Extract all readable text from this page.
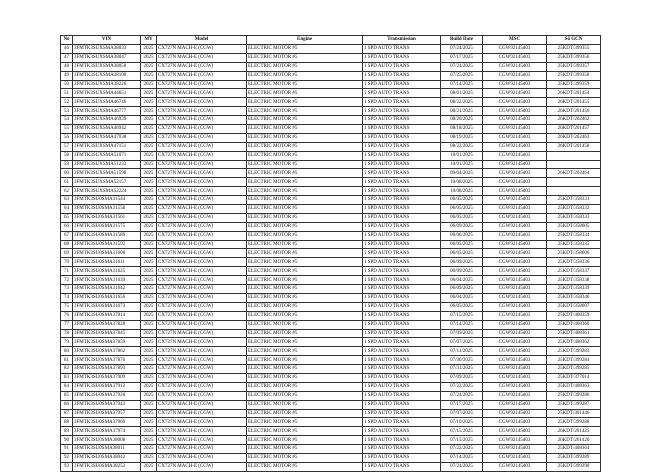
No	VIN	MY	Model	Engine	Transmission	Build Date	MSC	Số GCN
46	3FMTK3SUXSMA38033	2025	CX727N MACH-E (CGW)	ELECTRIC MOTOR #5	1 SPD AUTO TRANS	07/24/2025	CGW92145d03	25KDT/399355
47	3FMTK3SUXSMA38047	2025	CX727N MACH-E (CGW)	ELECTRIC MOTOR #5	1 SPD AUTO TRANS	07/17/2025	CGW92145d03	25KDT/399356
48	3FMTK3SUXSMA38050	2025	CX727N MACH-E (CGW)	ELECTRIC MOTOR #5	1 SPD AUTO TRANS	07/24/2025	CGW92145d03	25KDT/399357
49	3FMTK3SUXSMA38100	2025	CX727N MACH-E (CGW)	ELECTRIC MOTOR #5	1 SPD AUTO TRANS	07/25/2025	CGW92145d03	25KDT/399358
50	3FMTK3SUXSMA38226	2025	CX727N MACH-E (CGW)	ELECTRIC MOTOR #5	1 SPD AUTO TRANS	07/14/2025	CGW92145d03	25KDT/399359
51	3FMTK3SUXSMA44651	2025	CX727N MACH-E (CGW)	ELECTRIC MOTOR #5	1 SPD AUTO TRANS	08/01/2025	CGW92145d03	26KDT/201454
52	3FMTK3SUXSMA46746	2025	CX727N MACH-E (CGW)	ELECTRIC MOTOR #5	1 SPD AUTO TRANS	08/22/2025	CGW92145d03	26KDT/201455
53	3FMTK3SUXSMA46777	2025	CX727N MACH-E (CGW)	ELECTRIC MOTOR #5	1 SPD AUTO TRANS	08/21/2025	CGW92145d03	26KDT/201456
54	3FMTK3SUXSMA46939	2025	CX727N MACH-E (CGW)	ELECTRIC MOTOR #5	1 SPD AUTO TRANS	08/20/2025	CGW92145d03	26KDT/202462
55	3FMTK3SUXSMA46942	2025	CX727N MACH-E (CGW)	ELECTRIC MOTOR #5	1 SPD AUTO TRANS	08/18/2025	CGW92145d03	26KDT/201457
56	3FMTK3SUXSMA47038	2025	CX727N MACH-E (CGW)	ELECTRIC MOTOR #5	1 SPD AUTO TRANS	08/19/2025	CGW92145d03	26KDT/202463
57	3FMTK3SUXSMA47151	2025	CX727N MACH-E (CGW)	ELECTRIC MOTOR #5	1 SPD AUTO TRANS	08/22/2025	CGW92145d03	26KDT/201458
58	3FMTK3SUXSMA51071	2025	CX727N MACH-E (CGW)	ELECTRIC MOTOR #5	1 SPD AUTO TRANS	10/01/2025	CGW92145d03	
59	3FMTK3SUXSMA51233	2025	CX727N MACH-E (CGW)	ELECTRIC MOTOR #5	1 SPD AUTO TRANS	10/01/2025	CGW92145d03	
60	3FMTK3SUXSMA51598	2025	CX727N MACH-E (CGW)	ELECTRIC MOTOR #5	1 SPD AUTO TRANS	09/04/2025	CGW92145d03	26KDT/202464
61	3FMTK3SUXSMA52157	2025	CX727N MACH-E (CGW)	ELECTRIC MOTOR #5	1 SPD AUTO TRANS	10/08/2025	CGW92145d03	
62	3FMTK3SUXSMA52224	2025	CX727N MACH-E (CGW)	ELECTRIC MOTOR #5	1 SPD AUTO TRANS	10/08/2025	CGW92145d03	
63	3FMTK3SU0SMA31544	2025	CX727N MACH-E (CGW)	ELECTRIC MOTOR #5	1 SPD AUTO TRANS	06/05/2025	CGW92145d03	25KDT/358331
64	3FMTK3SU0SMA31558	2025	CX727N MACH-E (CGW)	ELECTRIC MOTOR #5	1 SPD AUTO TRANS	06/05/2025	CGW92145d03	25KDT/358332
65	3FMTK3SU0SMA31561	2025	CX727N MACH-E (CGW)	ELECTRIC MOTOR #5	1 SPD AUTO TRANS	06/05/2025	CGW92145d03	25KDT/358333
66	3FMTK3SU0SMA31575	2025	CX727N MACH-E (CGW)	ELECTRIC MOTOR #5	1 SPD AUTO TRANS	06/09/2025	CGW92145d03	25KDT/358605
67	3FMTK3SU0SMA31589	2025	CX727N MACH-E (CGW)	ELECTRIC MOTOR #5	1 SPD AUTO TRANS	06/06/2025	CGW92145d03	25KDT/358334
68	3FMTK3SU0SMA31592	2025	CX727N MACH-E (CGW)	ELECTRIC MOTOR #5	1 SPD AUTO TRANS	06/05/2025	CGW92145d03	25KDT/358335
69	3FMTK3SU0SMA31608	2025	CX727N MACH-E (CGW)	ELECTRIC MOTOR #5	1 SPD AUTO TRANS	06/05/2025	CGW92145d03	25KDT/358606
70	3FMTK3SU0SMA31611	2025	CX727N MACH-E (CGW)	ELECTRIC MOTOR #5	1 SPD AUTO TRANS	06/09/2025	CGW92145d03	25KDT/358336
71	3FMTK3SU0SMA31625	2025	CX727N MACH-E (CGW)	ELECTRIC MOTOR #5	1 SPD AUTO TRANS	06/09/2025	CGW92145d03	25KDT/358337
72	3FMTK3SU0SMA31639	2025	CX727N MACH-E (CGW)	ELECTRIC MOTOR #5	1 SPD AUTO TRANS	06/04/2025	CGW92145d03	25KDT/358338
73	3FMTK3SU0SMA31642	2025	CX727N MACH-E (CGW)	ELECTRIC MOTOR #5	1 SPD AUTO TRANS	06/09/2025	CGW92145d03	25KDT/358339
74	3FMTK3SU0SMA31656	2025	CX727N MACH-E (CGW)	ELECTRIC MOTOR #5	1 SPD AUTO TRANS	06/04/2025	CGW92145d03	25KDT/358340
75	3FMTK3SU0SMA31673	2025	CX727N MACH-E (CGW)	ELECTRIC MOTOR #5	1 SPD AUTO TRANS	06/05/2025	CGW92145d03	25KDT/358607
76	3FMTK3SU0SMA37814	2025	CX727N MACH-E (CGW)	ELECTRIC MOTOR #5	1 SPD AUTO TRANS	07/15/2025	CGW92145d03	25KDT/408359
77	3FMTK3SU0SMA37828	2025	CX727N MACH-E (CGW)	ELECTRIC MOTOR #5	1 SPD AUTO TRANS	07/14/2025	CGW92145d03	25KDT/408360
78	3FMTK3SU0SMA37845	2025	CX727N MACH-E (CGW)	ELECTRIC MOTOR #5	1 SPD AUTO TRANS	07/09/2025	CGW92145d03	25KDT/408361
79	3FMTK3SU0SMA37859	2025	CX727N MACH-E (CGW)	ELECTRIC MOTOR #5	1 SPD AUTO TRANS	07/07/2025	CGW92145d03	25KDT/408362
80	3FMTK3SU0SMA37862	2025	CX727N MACH-E (CGW)	ELECTRIC MOTOR #5	1 SPD AUTO TRANS	07/11/2025	CGW92145d03	25KDT/399283
81	3FMTK3SU0SMA37876	2025	CX727N MACH-E (CGW)	ELECTRIC MOTOR #5	1 SPD AUTO TRANS	07/30/2025	CGW92145d03	25KDT/399284
82	3FMTK3SU0SMA37893	2025	CX727N MACH-E (CGW)	ELECTRIC MOTOR #5	1 SPD AUTO TRANS	07/31/2025	CGW92145d03	25KDT/399285
83	3FMTK3SU0SMA37909	2025	CX727N MACH-E (CGW)	ELECTRIC MOTOR #5	1 SPD AUTO TRANS	07/09/2025	CGW92145d03	25KDT/377014
84	3FMTK3SU0SMA37912	2025	CX727N MACH-E (CGW)	ELECTRIC MOTOR #5	1 SPD AUTO TRANS	07/22/2025	CGW92145d03	25KDT/408363
85	3FMTK3SU0SMA37926	2025	CX727N MACH-E (CGW)	ELECTRIC MOTOR #5	1 SPD AUTO TRANS	07/24/2025	CGW92145d03	25KDT/399286
86	3FMTK3SU0SMA37943	2025	CX727N MACH-E (CGW)	ELECTRIC MOTOR #5	1 SPD AUTO TRANS	07/17/2025	CGW92145d03	25KDT/399287
87	3FMTK3SU0SMA37957	2025	CX727N MACH-E (CGW)	ELECTRIC MOTOR #5	1 SPD AUTO TRANS	07/07/2025	CGW92145d03	25KDT/301446
88	3FMTK3SU0SMA37960	2025	CX727N MACH-E (CGW)	ELECTRIC MOTOR #5	1 SPD AUTO TRANS	07/10/2025	CGW92145d03	25KDT/399288
89	3FMTK3SU0SMA37974	2025	CX727N MACH-E (CGW)	ELECTRIC MOTOR #5	1 SPD AUTO TRANS	07/15/2025	CGW92145d03	26KDT/201425
90	3FMTK3SU0SMA38008	2025	CX727N MACH-E (CGW)	ELECTRIC MOTOR #5	1 SPD AUTO TRANS	07/15/2025	CGW92145d03	26KDT/201426
91	3FMTK3SU0SMA38011	2025	CX727N MACH-E (CGW)	ELECTRIC MOTOR #5	1 SPD AUTO TRANS	07/22/2025	CGW92145d03	25KDT/408364
92	3FMTK3SU0SMA38042	2025	CX727N MACH-E (CGW)	ELECTRIC MOTOR #5	1 SPD AUTO TRANS	07/14/2025	CGW92145d03	25KDT/399289
93	3FMTK3SU0SMA38252	2025	CX727N MACH-E (CGW)	ELECTRIC MOTOR #5	1 SPD AUTO TRANS	07/24/2025	CGW92145d03	25KDT/399290
